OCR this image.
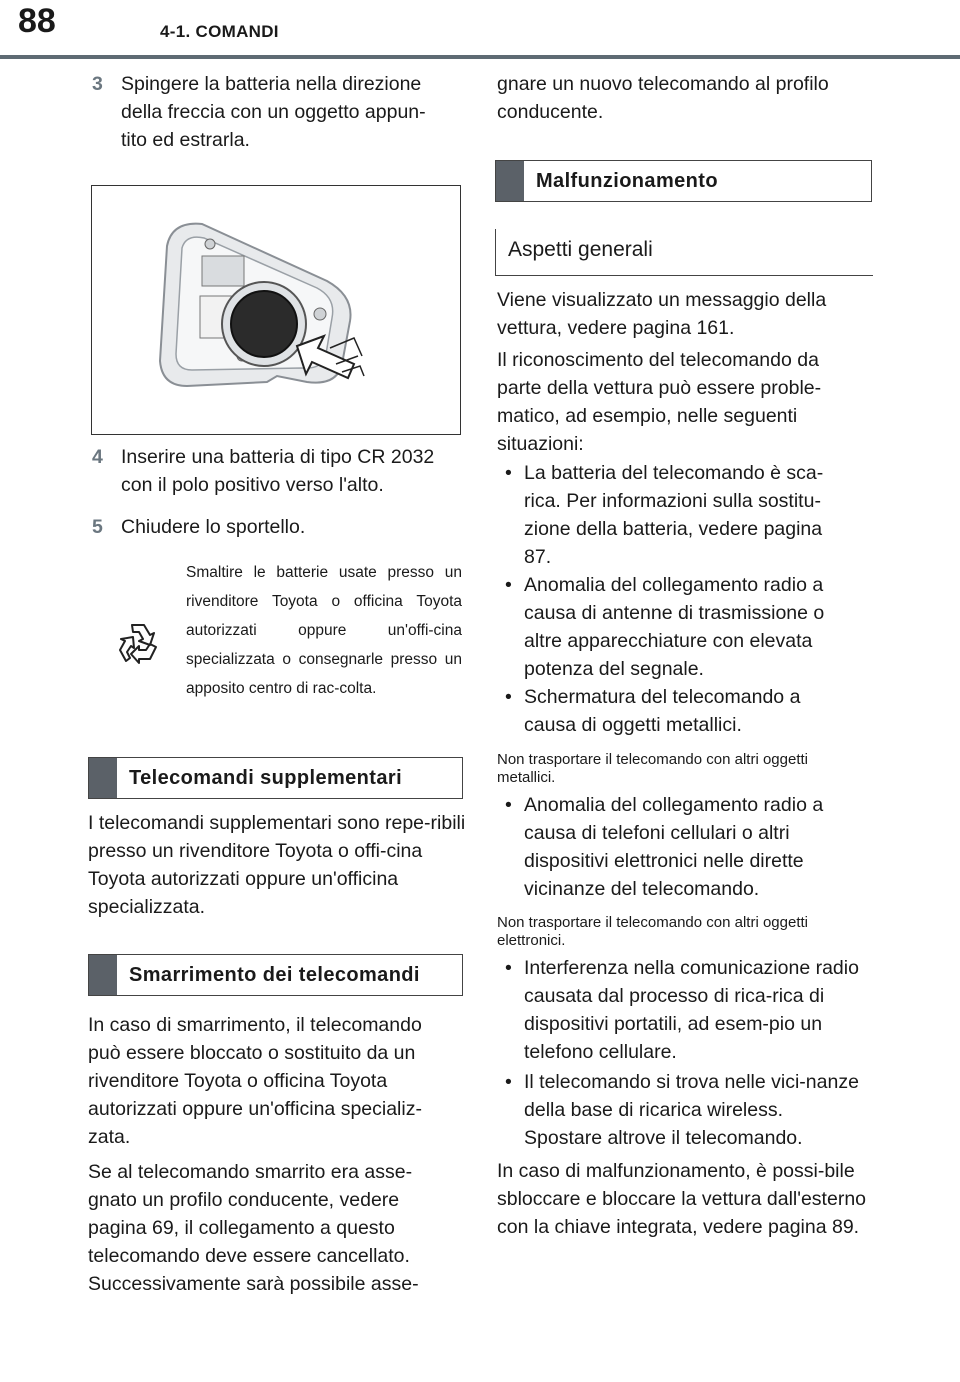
88	4-1. COMANDI
3 Spingere la batteria nella direzione della freccia con un oggetto appun-tito ed estrarla.
4 Inserire una batteria di tipo CR 2032 con il polo positivo verso l'alto.
5 Chiudere lo sportello.
Smaltire le batterie usate presso un rivenditore Toyota o officina Toyota autorizzati oppure un'offi-cina specializzata o consegnarle presso un apposito centro di rac-colta.
Telecomandi supplementari
I telecomandi supplementari sono repe-ribili presso un rivenditore Toyota o offi-cina Toyota autorizzati oppure un'officina specializzata.
Smarrimento dei telecomandi
In caso di smarrimento, il telecomando può essere bloccato o sostituito da un rivenditore Toyota o officina Toyota autorizzati oppure un'officina specializ-zata.
Se al telecomando smarrito era asse-gnato un profilo conducente, vedere pagina 69, il collegamento a questo telecomando deve essere cancellato. Successivamente sarà possibile asse-
gnare un nuovo telecomando al profilo conducente.
Malfunzionamento
Aspetti generali
Viene visualizzato un messaggio della vettura, vedere pagina 161.
Il riconoscimento del telecomando da parte della vettura può essere proble-matico, ad esempio, nelle seguenti situazioni:
• La batteria del telecomando è sca-rica. Per informazioni sulla sostitu-zione della batteria, vedere pagina 87.
• Anomalia del collegamento radio a causa di antenne di trasmissione o altre apparecchiature con elevata potenza del segnale.
• Schermatura del telecomando a causa di oggetti metallici.
Non trasportare il telecomando con altri oggetti metallici.
• Anomalia del collegamento radio a causa di telefoni cellulari o altri dispositivi elettronici nelle dirette vicinanze del telecomando.
Non trasportare il telecomando con altri oggetti elettronici.
• Interferenza nella comunicazione radio causata dal processo di rica-rica di dispositivi portatili, ad esem-pio un telefono cellulare.
• Il telecomando si trova nelle vici-nanze della base di ricarica wireless. Spostare altrove il telecomando.
In caso di malfunzionamento, è possi-bile sbloccare e bloccare la vettura dall'esterno con la chiave integrata, vedere pagina 89.
